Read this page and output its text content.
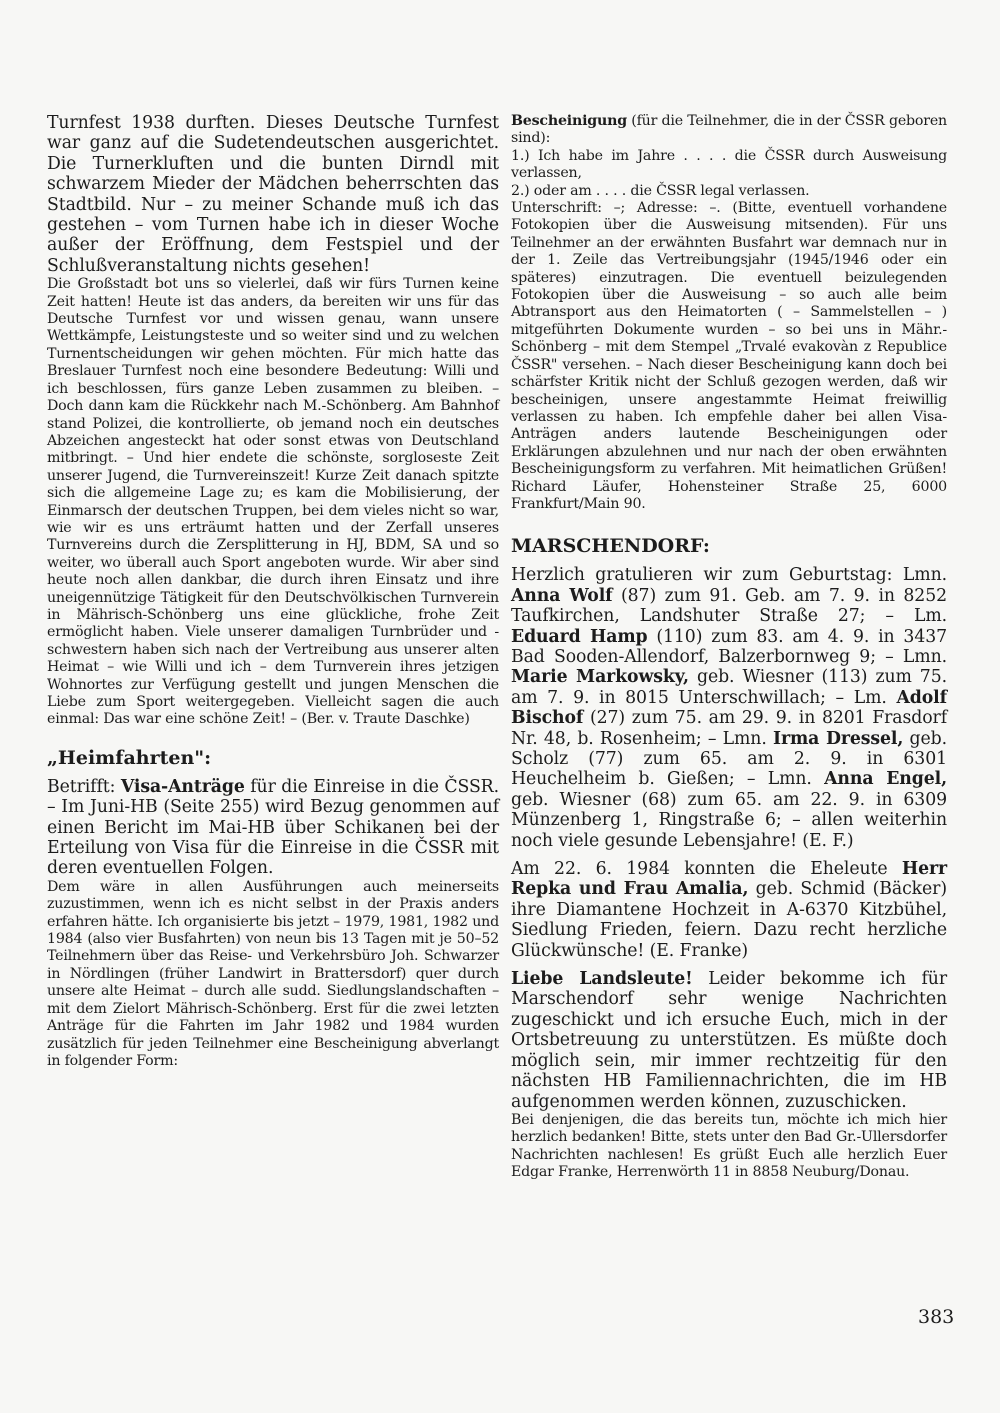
Turnfest 1938 durften. Dieses Deutsche Turnfest war ganz auf die Sudetendeutschen ausgerichtet. Die Turnerkluften und die bunten Dirndl mit schwarzem Mieder der Mädchen beherrschten das Stadtbild. Nur – zu meiner Schande muß ich das gestehen – vom Turnen habe ich in dieser Woche außer der Eröffnung, dem Festspiel und der Schlußveranstaltung nichts gesehen!

Die Großstadt bot uns so vielerlei, daß wir fürs Turnen keine Zeit hatten! Heute ist das anders, da bereiten wir uns für das Deutsche Turnfest vor und wissen genau, wann unsere Wettkämpfe, Leistungsteste und so weiter sind und zu welchen Turnentscheidungen wir gehen möchten. Für mich hatte das Breslauer Turnfest noch eine besondere Bedeutung: Willi und ich beschlossen, fürs ganze Leben zusammen zu bleiben. – Doch dann kam die Rückkehr nach M.-Schönberg. Am Bahnhof stand Polizei, die kontrollierte, ob jemand noch ein deutsches Abzeichen angesteckt hat oder sonst etwas von Deutschland mitbringt. – Und hier endete die schönste, sorgloseste Zeit unserer Jugend, die Turnvereinszeit! Kurze Zeit danach spitzte sich die allgemeine Lage zu; es kam die Mobilisierung, der Einmarsch der deutschen Truppen, bei dem vieles nicht so war, wie wir es uns erträumt hatten und der Zerfall unseres Turnvereins durch die Zersplitterung in HJ, BDM, SA und so weiter, wo überall auch Sport angeboten wurde. Wir aber sind heute noch allen dankbar, die durch ihren Einsatz und ihre uneigennützige Tätigkeit für den Deutschvölkischen Turnverein in Mährisch-Schönberg uns eine glückliche, frohe Zeit ermöglicht haben. Viele unserer damaligen Turnbrüder und -schwestern haben sich nach der Vertreibung aus unserer alten Heimat – wie Willi und ich – dem Turnverein ihres jetzigen Wohnortes zur Verfügung gestellt und jungen Menschen die Liebe zum Sport weitergegeben. Vielleicht sagen die auch einmal: Das war eine schöne Zeit! – (Ber. v. Traute Daschke)

„Heimfahrten":

Betrifft: Visa-Anträge für die Einreise in die ČSSR. – Im Juni-HB (Seite 255) wird Bezug genommen auf einen Bericht im Mai-HB über Schikanen bei der Erteilung von Visa für die Einreise in die ČSSR mit deren eventuellen Folgen.

Dem wäre in allen Ausführungen auch meinerseits zuzustimmen, wenn ich es nicht selbst in der Praxis anders erfahren hätte. Ich organisierte bis jetzt – 1979, 1981, 1982 und 1984 (also vier Busfahrten) von neun bis 13 Tagen mit je 50–52 Teilnehmern über das Reise- und Verkehrsbüro Joh. Schwarzer in Nördlingen (früher Landwirt in Brattersdorf) quer durch unsere alte Heimat – durch alle sudd. Siedlungslandschaften – mit dem Zielort Mährisch-Schönberg. Erst für die zwei letzten Anträge für die Fahrten im Jahr 1982 und 1984 wurden zusätzlich für jeden Teilnehmer eine Bescheinigung abverlangt in folgender Form:

Bescheinigung (für die Teilnehmer, die in der ČSSR geboren sind):

1.) Ich habe im Jahre . . . . die ČSSR durch Ausweisung verlassen,

2.) oder am . . . . die ČSSR legal verlassen.

Unterschrift: –; Adresse: –. (Bitte, eventuell vorhandene Fotokopien über die Ausweisung mitsenden). Für uns Teilnehmer an der erwähnten Busfahrt war demnach nur in der 1. Zeile das Vertreibungsjahr (1945/1946 oder ein späteres) einzutragen. Die eventuell beizulegenden Fotokopien über die Ausweisung – so auch alle beim Abtransport aus den Heimatorten ( – Sammelstellen – ) mitgeführten Dokumente wurden – so bei uns in Mähr.-Schönberg – mit dem Stempel „Trvalé evakovàn z Republice ČSSR" versehen. – Nach dieser Bescheinigung kann doch bei schärfster Kritik nicht der Schluß gezogen werden, daß wir bescheinigen, unsere angestammte Heimat freiwillig verlassen zu haben. Ich empfehle daher bei allen Visa-Anträgen anders lautende Bescheinigungen oder Erklärungen abzulehnen und nur nach der oben erwähnten Bescheinigungsform zu verfahren. Mit heimatlichen Grüßen! Richard Läufer, Hohensteiner Straße 25, 6000 Frankfurt/Main 90.

MARSCHENDORF:

Herzlich gratulieren wir zum Geburtstag: Lmn. Anna Wolf (87) zum 91. Geb. am 7. 9. in 8252 Taufkirchen, Landshuter Straße 27; – Lm. Eduard Hamp (110) zum 83. am 4. 9. in 3437 Bad Sooden-Allendorf, Balzerbornweg 9; – Lmn. Marie Markowsky, geb. Wiesner (113) zum 75. am 7. 9. in 8015 Unterschwillach; – Lm. Adolf Bischof (27) zum 75. am 29. 9. in 8201 Frasdorf Nr. 48, b. Rosenheim; – Lmn. Irma Dressel, geb. Scholz (77) zum 65. am 2. 9. in 6301 Heuchelheim b. Gießen; – Lmn. Anna Engel, geb. Wiesner (68) zum 65. am 22. 9. in 6309 Münzenberg 1, Ringstraße 6; – allen weiterhin noch viele gesunde Lebensjahre! (E. F.)

Am 22. 6. 1984 konnten die Eheleute Herr Repka und Frau Amalia, geb. Schmid (Bäcker) ihre Diamantene Hochzeit in A-6370 Kitzbühel, Siedlung Frieden, feiern. Dazu recht herzliche Glückwünsche! (E. Franke)

Liebe Landsleute! Leider bekomme ich für Marschendorf sehr wenige Nachrichten zugeschickt und ich ersuche Euch, mich in der Ortsbetreuung zu unterstützen. Es müßte doch möglich sein, mir immer rechtzeitig für den nächsten HB Familiennachrichten, die im HB aufgenommen werden können, zuzuschicken.

Bei denjenigen, die das bereits tun, möchte ich mich hier herzlich bedanken! Bitte, stets unter den Bad Gr.-Ullersdorfer Nachrichten nachlesen! Es grüßt Euch alle herzlich Euer Edgar Franke, Herrenwörth 11 in 8858 Neuburg/Donau.

383
